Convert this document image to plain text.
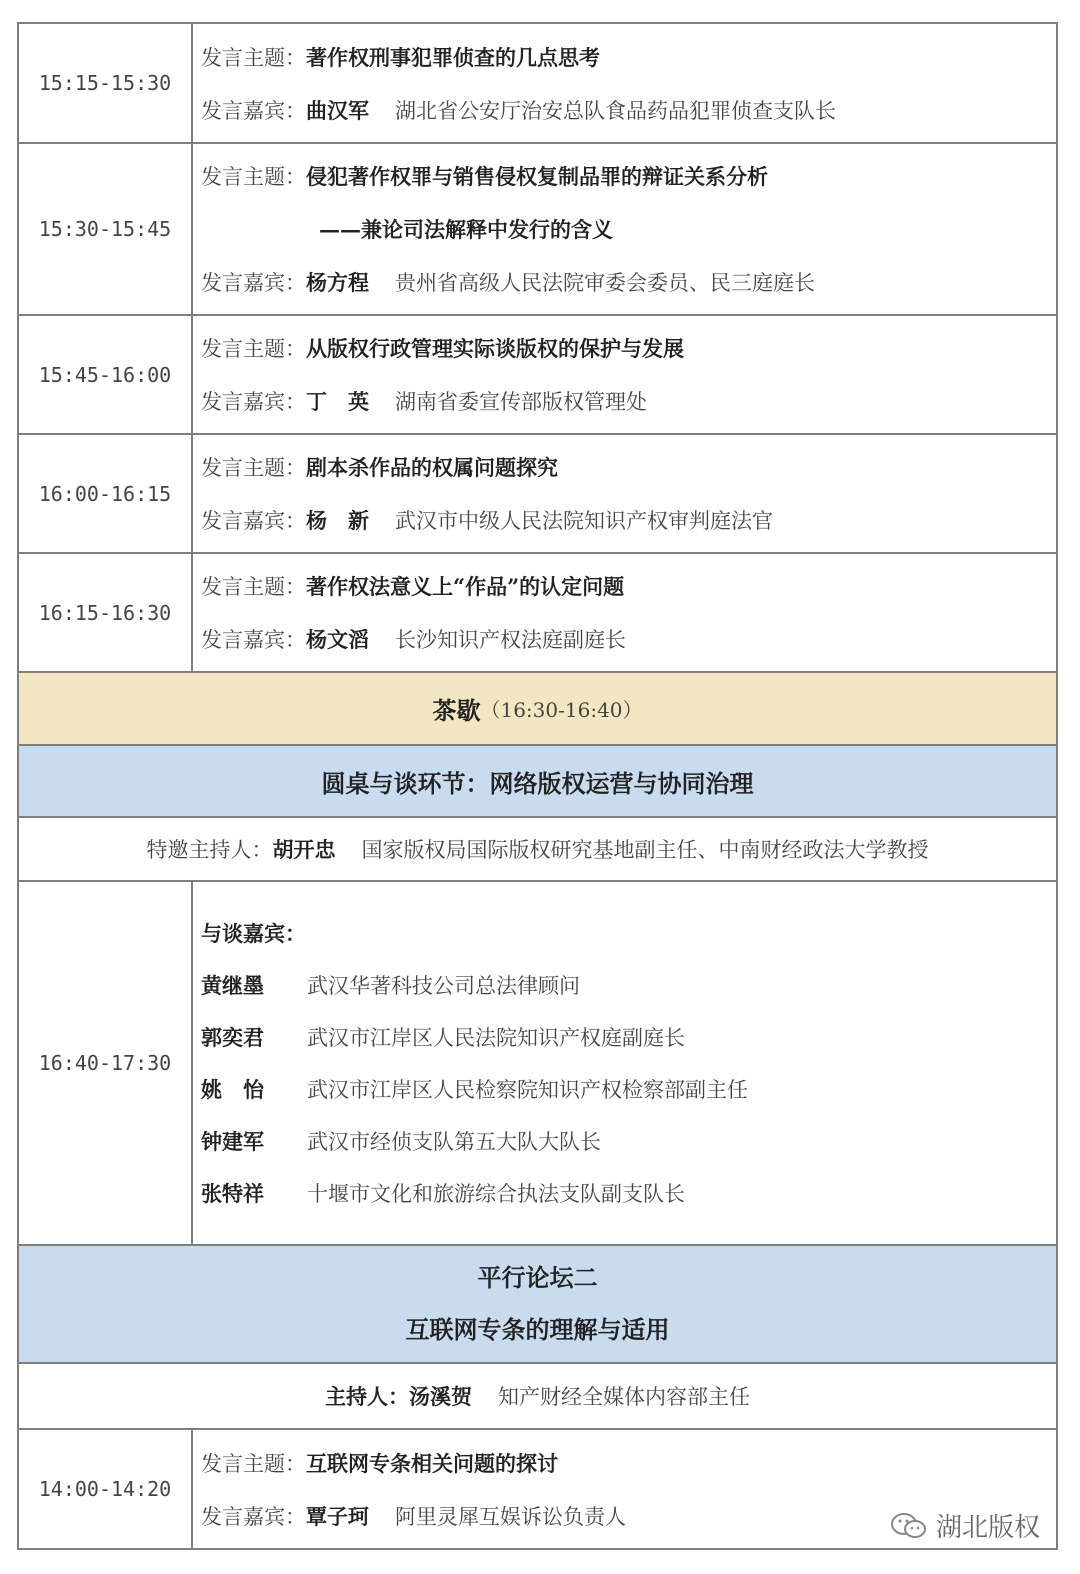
15:15-15:30
发言主题： 著作权刑事犯罪侦查的几点思考
发言嘉宾： 曲汉军 湖北省公安厅治安总队食品药品犯罪侦查支队长
15:30-15:45
发言主题： 侵犯著作权罪与销售侵权复制品罪的辩证关系分析
——兼论司法解释中发行的含义
发言嘉宾： 杨方程 贵州省高级人民法院审委会委员、民三庭庭长
15:45-16:00
发言主题： 从版权行政管理实际谈版权的保护与发展
发言嘉宾： 丁　英 湖南省委宣传部版权管理处
16:00-16:15
发言主题： 剧本杀作品的权属问题探究
发言嘉宾： 杨　新 武汉市中级人民法院知识产权审判庭法官
16:15-16:30
发言主题： 著作权法意义上“作品”的认定问题
发言嘉宾： 杨文滔 长沙知识产权法庭副庭长
茶歇 （16:30-16:40）
圆桌与谈环节：网络版权运营与协同治理
特邀主持人： 胡开忠 国家版权局国际版权研究基地副主任、中南财经政法大学教授
16:40-17:30
与谈嘉宾：
黄继墨	武汉华著科技公司总法律顾问
郭奕君	武汉市江岸区人民法院知识产权庭副庭长
姚　怡	武汉市江岸区人民检察院知识产权检察部副主任
钟建军	武汉市经侦支队第五大队大队长
张特祥	十堰市文化和旅游综合执法支队副支队长
平行论坛二
互联网专条的理解与适用
主持人： 汤溪贺 知产财经全媒体内容部主任
14:00-14:20
发言主题： 互联网专条相关问题的探讨
发言嘉宾： 覃子珂 阿里灵犀互娱诉讼负责人	湖北版权
